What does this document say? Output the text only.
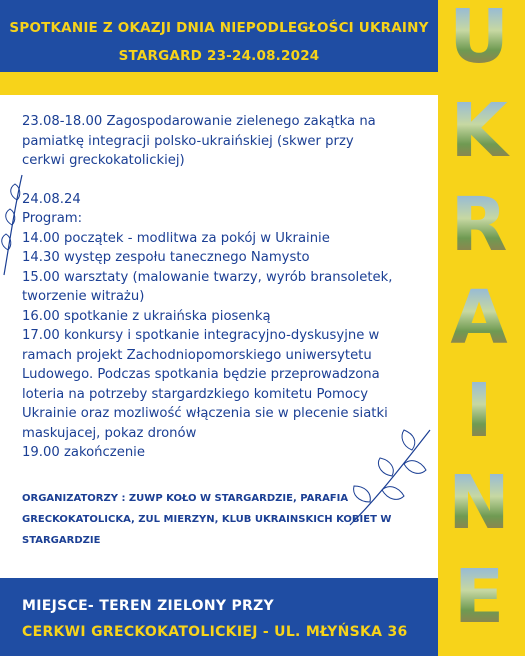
SPOTKANIE Z OKAZJI DNIA NIEPODLEGŁOŚCI UKRAINY
STARGARD 23-24.08.2024

23.08-18.00 Zagospodarowanie zielenego zakątka na

pamiatkę integracji polsko-ukraińskiej (skwer przy

cerkwi greckokatolickiej)

24.08.24

Program:

14.00 początek - modlitwa za pokój w Ukrainie

14.30 występ zespołu tanecznego Namysto

15.00 warsztaty (malowanie twarzy, wyrób bransoletek,

tworzenie witrażu)

16.00 spotkanie z ukraińska piosenką

17.00 konkursy i spotkanie integracyjno-dyskusyjne w

ramach projekt Zachodniopomorskiego uniwersytetu

Ludowego. Podczas spotkania będzie przeprowadzona

loteria na potrzeby stargardzkiego komitetu Pomocy

Ukrainie oraz mozliwość włączenia sie w plecenie siatki

maskujacej, pokaz dronów

19.00 zakończenie

ORGANIZATORZY : ZUWP KOŁO W STARGARDZIE, PARAFIA
GRECKOKATOLICKA, ZUL MIERZYN, KLUB UKRAINSKICH KOBIET W
STARGARDZIE
MIEJSCE- TEREN ZIELONY PRZY
CERKWI GRECKOKATOLICKIEJ - UL. MŁYŃSKA 36
U
K
R
A
I
N
E
